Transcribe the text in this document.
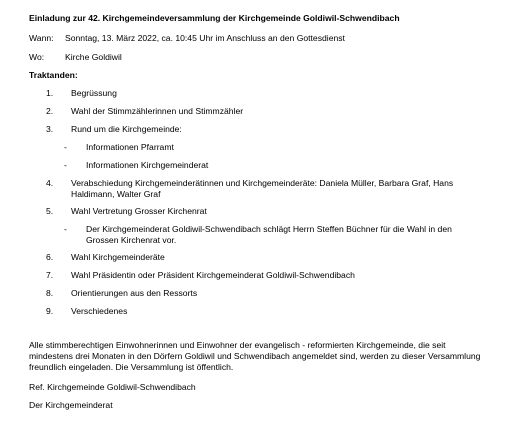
Einladung zur 42. Kirchgemeindeversammlung der Kirchgemeinde Goldiwil-Schwendibach
Wann: Sonntag, 13. März 2022, ca. 10:45 Uhr im Anschluss an den Gottesdienst
Wo: Kirche Goldiwil
Traktanden:
1.	Begrüssung
2.	Wahl der Stimmzählerinnen und Stimmzähler
3.	Rund um die Kirchgemeinde:
- Informationen Pfarramt
- Informationen Kirchgemeinderat
4.	Verabschiedung Kirchgemeinderätinnen und Kirchgemeinderäte: Daniela Müller, Barbara Graf, Hans Haldimann, Walter Graf
5.	Wahl Vertretung Grosser Kirchenrat
- Der Kirchgemeinderat Goldiwil-Schwendibach schlägt Herrn Steffen Büchner für die Wahl in den Grossen Kirchenrat vor.
6.	Wahl Kirchgemeinderäte
7.	Wahl Präsidentin oder Präsident Kirchgemeinderat Goldiwil-Schwendibach
8.	Orientierungen aus den Ressorts
9.	Verschiedenes
Alle stimmberechtigen Einwohnerinnen und Einwohner der evangelisch - reformierten Kirchgemeinde, die seit mindestens drei Monaten in den Dörfern Goldiwil und Schwendibach angemeldet sind, werden zu dieser Versammlung freundlich eingeladen. Die Versammlung ist öffentlich.
Ref. Kirchgemeinde Goldiwil-Schwendibach
Der Kirchgemeinderat
